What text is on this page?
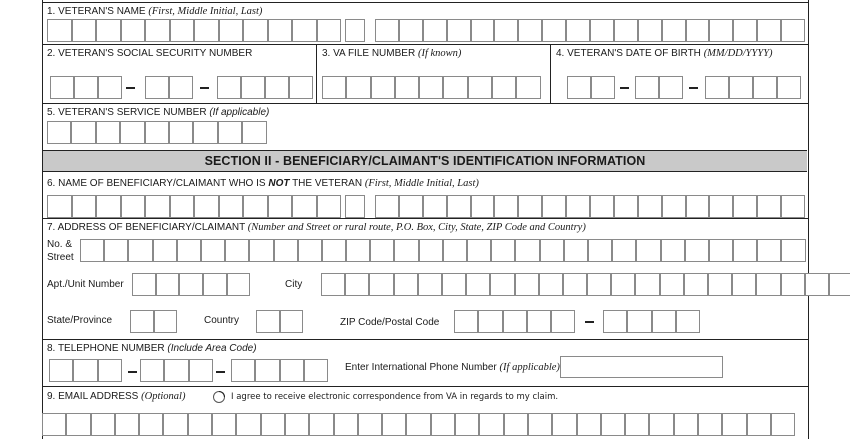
1. VETERAN'S NAME (First, Middle Initial, Last)
2. VETERAN'S SOCIAL SECURITY NUMBER	3. VA FILE NUMBER (If known)	4. VETERAN'S DATE OF BIRTH (MM/DD/YYYY)
5. VETERAN'S SERVICE NUMBER (If applicable)
SECTION II - BENEFICIARY/CLAIMANT'S IDENTIFICATION INFORMATION
6. NAME OF BENEFICIARY/CLAIMANT WHO IS NOT THE VETERAN (First, Middle Initial, Last)
7. ADDRESS OF BENEFICIARY/CLAIMANT (Number and Street or rural route, P.O. Box, City, State, ZIP Code and Country)
No. &
Street
Apt./Unit Number	City
State/Province	Country	ZIP Code/Postal Code
8. TELEPHONE NUMBER (Include Area Code)
Enter International Phone Number (If applicable)
9. EMAIL ADDRESS (Optional)	I agree to receive electronic correspondence from VA in regards to my claim.
